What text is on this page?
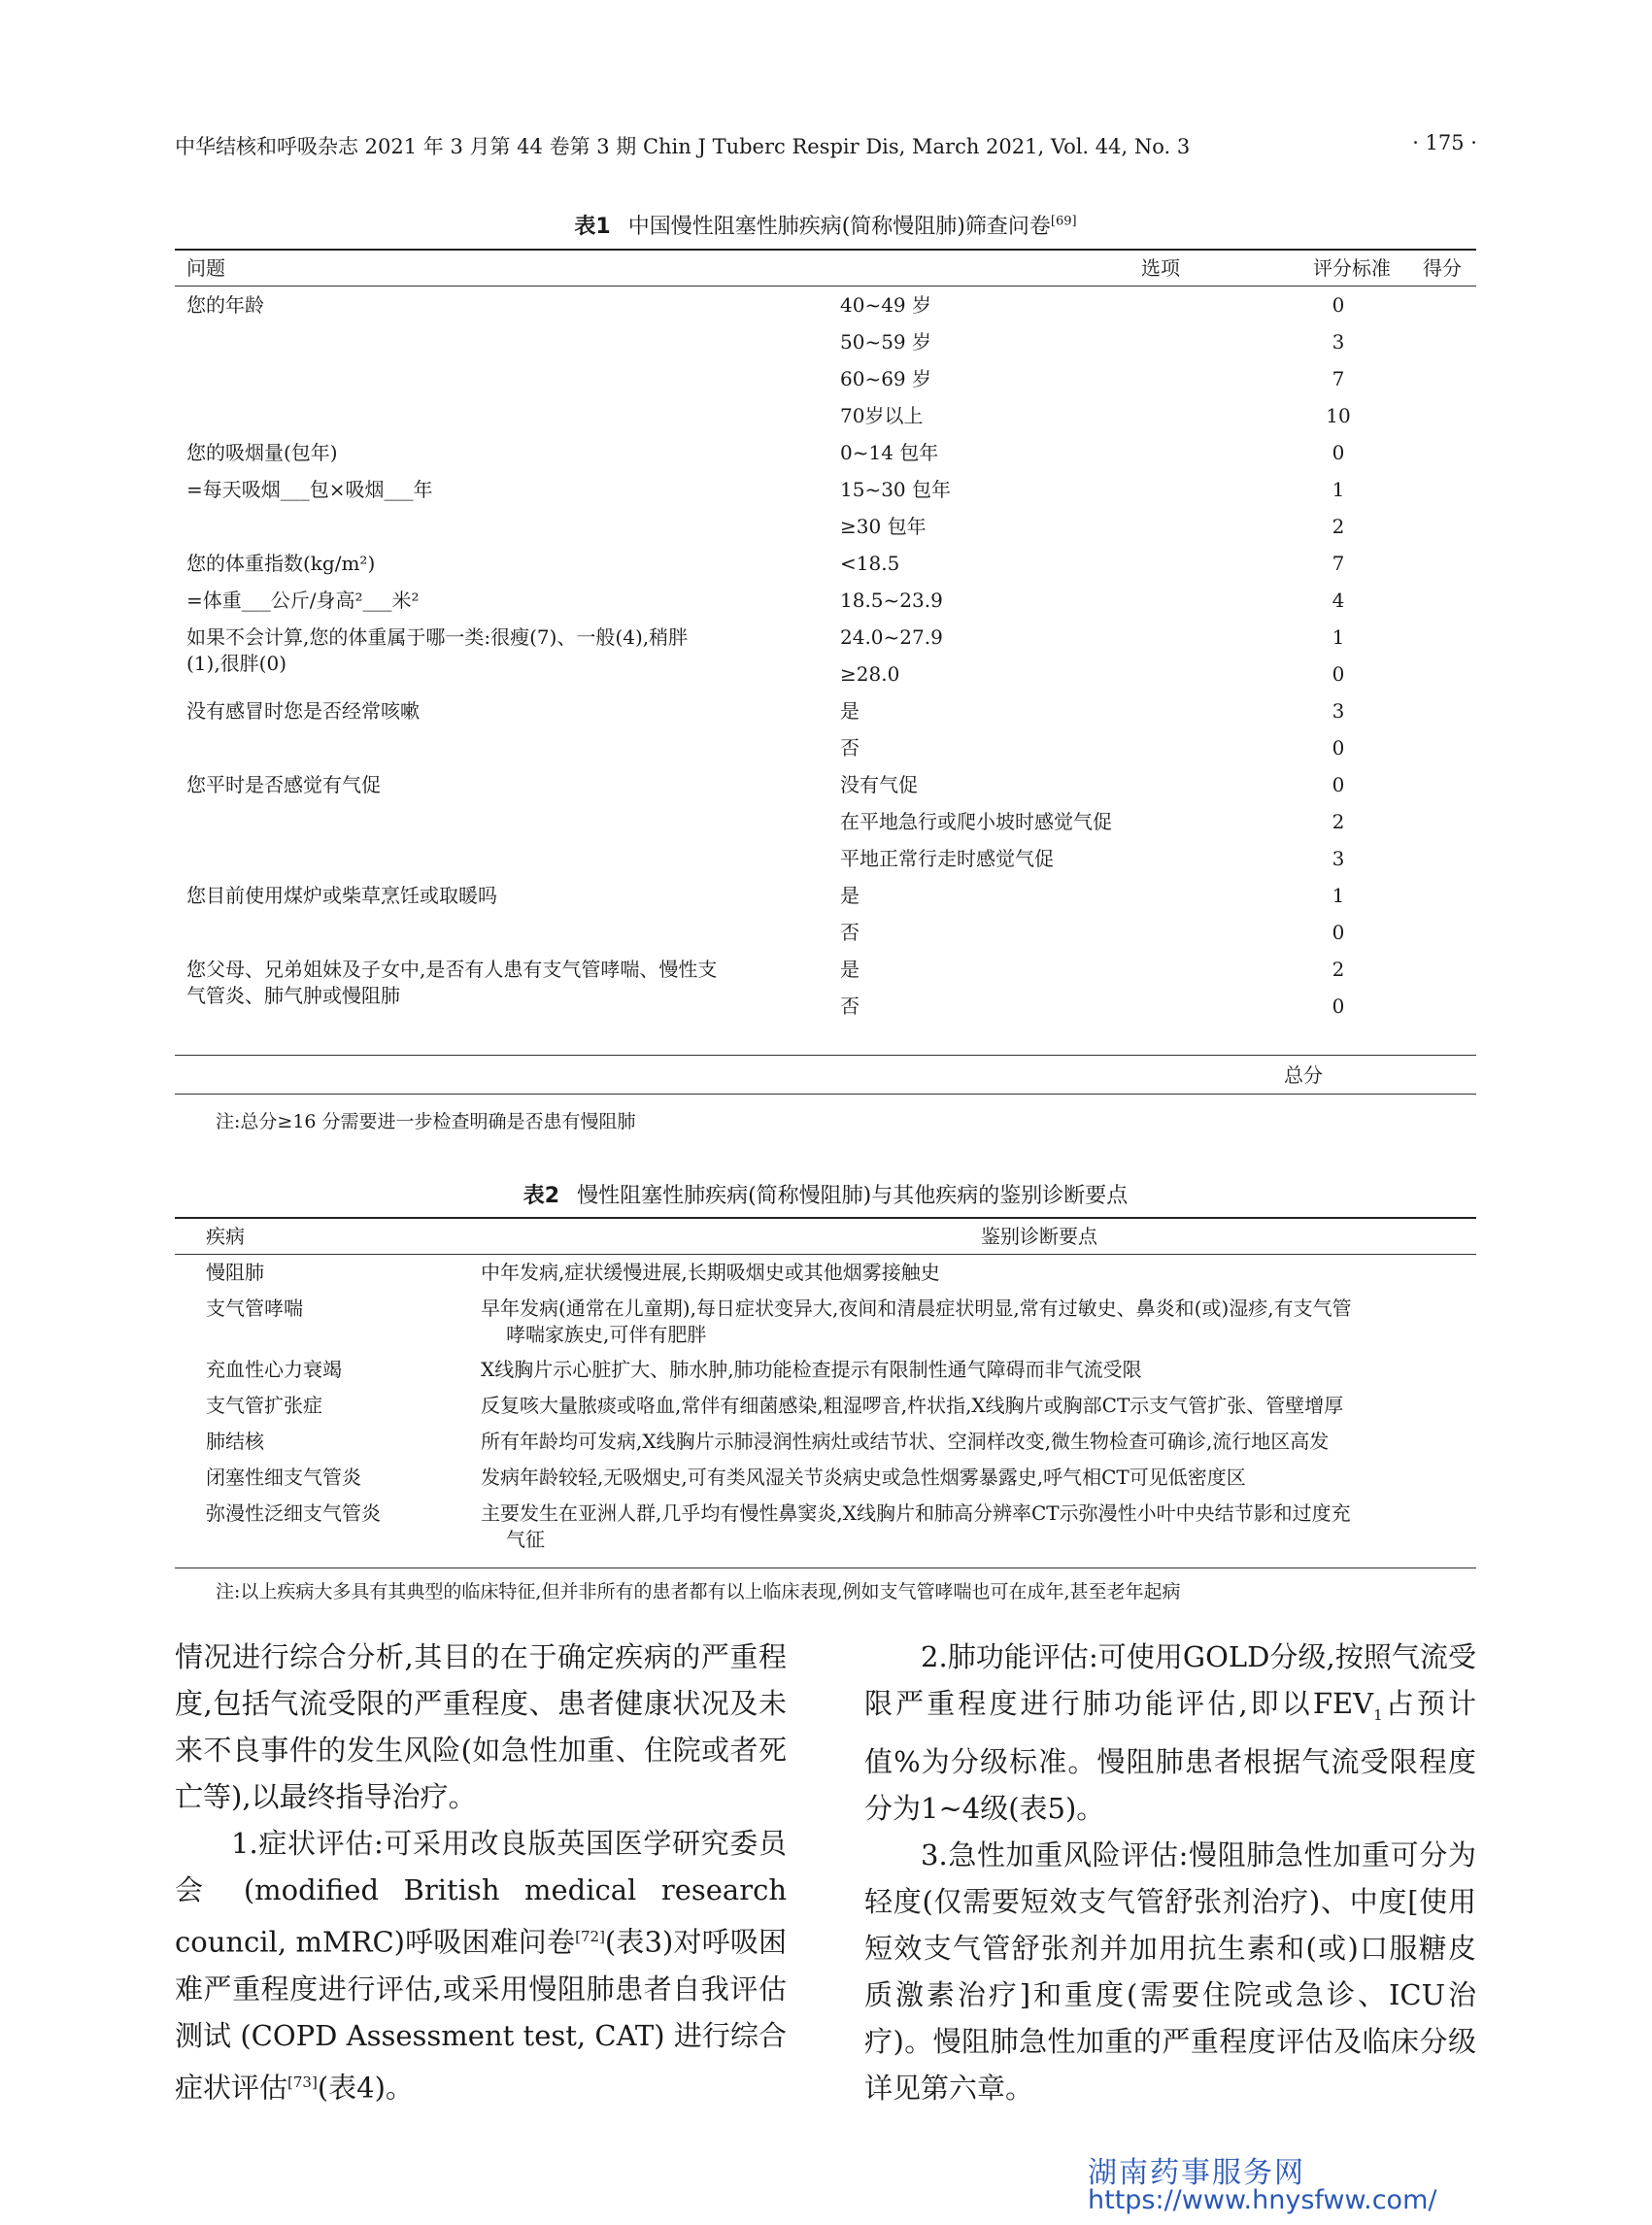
中华结核和呼吸杂志 2021 年 3 月第 44 卷第 3 期 Chin J Tuberc Respir Dis, March 2021, Vol. 44, No. 3	· 175 ·
表1 中国慢性阻塞性肺疾病(简称慢阻肺)筛查问卷[69]
问题	选项	评分标准 得分
您的年龄	40~49 岁	0
50~59 岁	3
60~69 岁	7
70岁以上	10
您的吸烟量(包年)	0~14 包年	0
=每天吸烟___包×吸烟___年	15~30 包年	1
≥30 包年	2
您的体重指数(kg/m²)	<18.5	7
=体重___公斤/身高²___米²	18.5~23.9	4
如果不会计算,您的体重属于哪一类:很瘦(7)、一般(4),稍胖
(1),很胖(0)
24.0~27.9	1
≥28.0	0
没有感冒时您是否经常咳嗽	是	3
否	0
您平时是否感觉有气促	没有气促	0
在平地急行或爬小坡时感觉气促	2
平地正常行走时感觉气促	3
您目前使用煤炉或柴草烹饪或取暖吗	是	1
否	0
您父母、兄弟姐妹及子女中,是否有人患有支气管哮喘、慢性支
气管炎、肺气肿或慢阻肺
是	2
否	0
总分
注:总分≥16 分需要进一步检查明确是否患有慢阻肺
表2 慢性阻塞性肺疾病(简称慢阻肺)与其他疾病的鉴别诊断要点
疾病	鉴别诊断要点
慢阻肺	中年发病,症状缓慢进展,长期吸烟史或其他烟雾接触史
支气管哮喘	早年发病(通常在儿童期),每日症状变异大,夜间和清晨症状明显,常有过敏史、鼻炎和(或)湿疹,有支气管
哮喘家族史,可伴有肥胖
充血性心力衰竭	X线胸片示心脏扩大、肺水肿,肺功能检查提示有限制性通气障碍而非气流受限
支气管扩张症	反复咳大量脓痰或咯血,常伴有细菌感染,粗湿啰音,杵状指,X线胸片或胸部CT示支气管扩张、管壁增厚
肺结核	所有年龄均可发病,X线胸片示肺浸润性病灶或结节状、空洞样改变,微生物检查可确诊,流行地区高发
闭塞性细支气管炎	发病年龄较轻,无吸烟史,可有类风湿关节炎病史或急性烟雾暴露史,呼气相CT可见低密度区
弥漫性泛细支气管炎	主要发生在亚洲人群,几乎均有慢性鼻窦炎,X线胸片和肺高分辨率CT示弥漫性小叶中央结节影和过度充
气征
注:以上疾病大多具有其典型的临床特征,但并非所有的患者都有以上临床表现,例如支气管哮喘也可在成年,甚至老年起病

情况进行综合分析,其目的在于确定疾病的严重程度,包括气流受限的严重程度、患者健康状况及未来不良事件的发生风险(如急性加重、住院或者死亡等),以最终指导治疗。

1.症状评估:可采用改良版英国医学研究委员会 (modified British medical research council, mMRC)呼吸困难问卷[72](表3)对呼吸困难严重程度进行评估,或采用慢阻肺患者自我评估测试 (COPD Assessment test, CAT) 进行综合症状评估[73](表4)。

2.肺功能评估:可使用GOLD分级,按照气流受限严重程度进行肺功能评估,即以$FEV_1$占预计值%为分级标准。慢阻肺患者根据气流受限程度分为1~4级(表5)。

3.急性加重风险评估:慢阻肺急性加重可分为轻度(仅需要短效支气管舒张剂治疗)、中度[使用短效支气管舒张剂并加用抗生素和(或)口服糖皮质激素治疗]和重度(需要住院或急诊、ICU治疗)。慢阻肺急性加重的严重程度评估及临床分级详见第六章。

湖南药事服务网
https://www.hnysfww.com/
